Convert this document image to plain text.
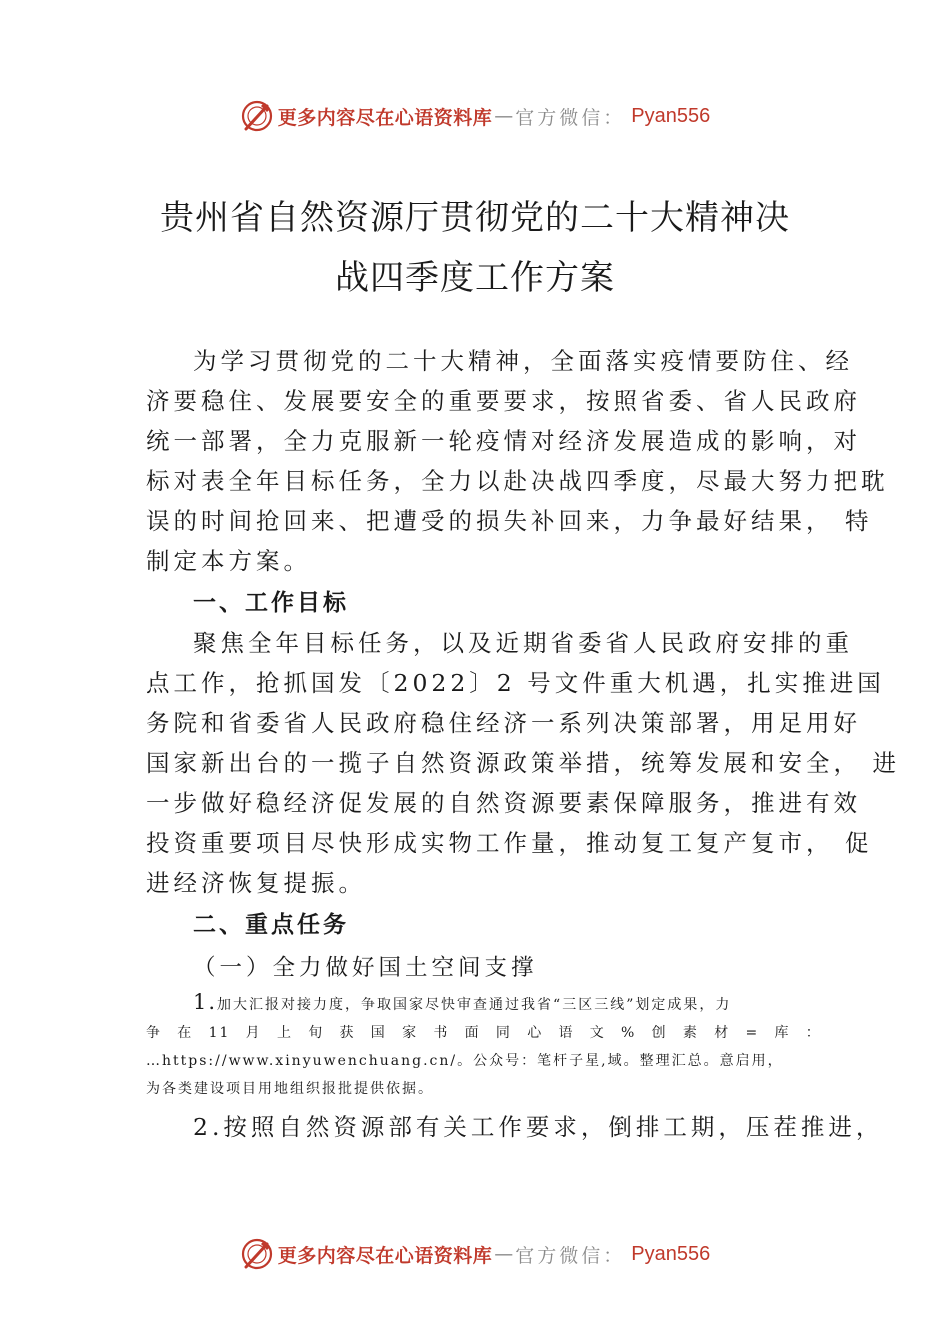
更多内容尽在心语资料库 — 官方微信： Pyan556
贵州省自然资源厅贯彻党的二十大精神决
战四季度工作方案
为学习贯彻党的二十大精神，全面落实疫情要防住、经
济要稳住、发展要安全的重要要求，按照省委、省人民政府
统一部署，全力克服新一轮疫情对经济发展造成的影响，对
标对表全年目标任务，全力以赴决战四季度，尽最大努力把耽
误的时间抢回来、把遭受的损失补回来，力争最好结果， 特
制定本方案。
一、工作目标
聚焦全年目标任务，以及近期省委省人民政府安排的重
点工作，抢抓国发〔2022〕2 号文件重大机遇，扎实推进国
务院和省委省人民政府稳住经济一系列决策部署，用足用好
国家新出台的一揽子自然资源政策举措，统筹发展和安全， 进
一步做好稳经济促发展的自然资源要素保障服务，推进有效
投资重要项目尽快形成实物工作量，推动复工复产复市， 促
进经济恢复提振。
二、重点任务
（一）全力做好国土空间支撑
1.加大汇报对接力度，争取国家尽快审查通过我省“三区三线”划定成果，力
争 在 11 月 上 旬 获 国 家 书 面 同 心 语 文 % 创 素 材 = 库 ：
…https://www.xinyuwenchuang.cn/。公众号：笔杆子星,域。整理汇总。意启用，
为各类建设项目用地组织报批提供依据。
2.按照自然资源部有关工作要求，倒排工期，压茬推进，
更多内容尽在心语资料库 — 官方微信： Pyan556
